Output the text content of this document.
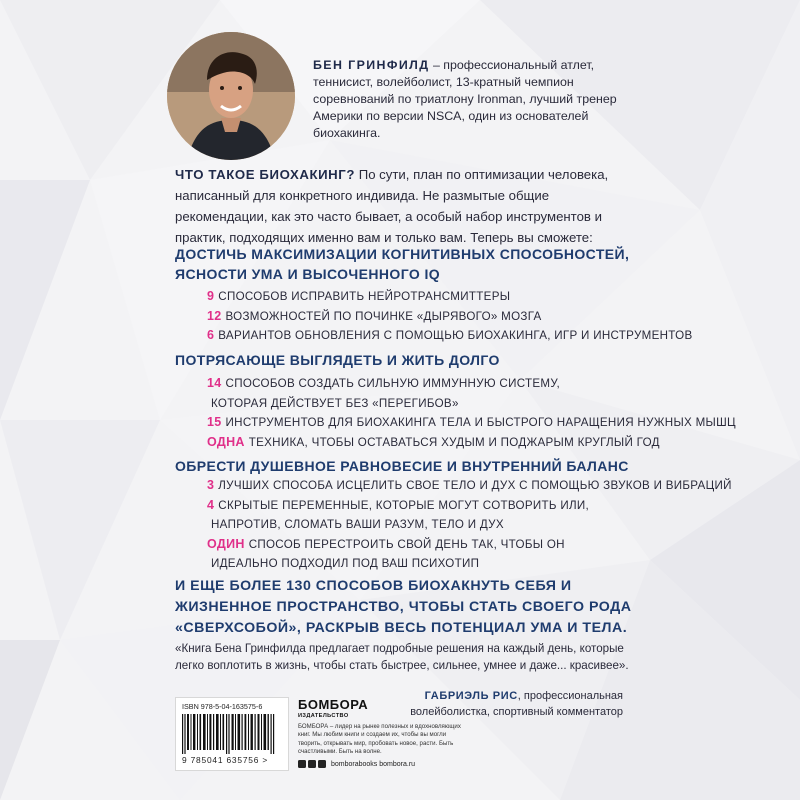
БЕН ГРИНФИЛД – профессиональный атлет, теннисист, волейболист, 13-кратный чемпион соревнований по триатлону Ironman, лучший тренер Америки по версии NSCA, один из основателей биохакинга.

ЧТО ТАКОЕ БИОХАКИНГ? По сути, план по оптимизации человека, написанный для конкретного индивида. Не размытые общие рекомендации, как это часто бывает, а особый набор инструментов и практик, подходящих именно вам и только вам. Теперь вы сможете:

ДОСТИЧЬ МАКСИМИЗАЦИИ КОГНИТИВНЫХ СПОСОБНОСТЕЙ, ЯСНОСТИ УМА И ВЫСОЧЕННОГО IQ
9 СПОСОБОВ ИСПРАВИТЬ НЕЙРОТРАНСМИТТЕРЫ
12 ВОЗМОЖНОСТЕЙ ПО ПОЧИНКЕ «ДЫРЯВОГО» МОЗГА
6 ВАРИАНТОВ ОБНОВЛЕНИЯ С ПОМОЩЬЮ БИОХАКИНГА, ИГР И ИНСТРУМЕНТОВ
ПОТРЯСАЮЩЕ ВЫГЛЯДЕТЬ И ЖИТЬ ДОЛГО
14 СПОСОБОВ СОЗДАТЬ СИЛЬНУЮ ИММУННУЮ СИСТЕМУ,
КОТОРАЯ ДЕЙСТВУЕТ БЕЗ «ПЕРЕГИБОВ»
15 ИНСТРУМЕНТОВ ДЛЯ БИОХАКИНГА ТЕЛА И БЫСТРОГО НАРАЩЕНИЯ НУЖНЫХ МЫШЦ
ОДНА ТЕХНИКА, ЧТОБЫ ОСТАВАТЬСЯ ХУДЫМ И ПОДЖАРЫМ КРУГЛЫЙ ГОД
ОБРЕСТИ ДУШЕВНОЕ РАВНОВЕСИЕ И ВНУТРЕННИЙ БАЛАНС
3 ЛУЧШИХ СПОСОБА ИСЦЕЛИТЬ СВОЕ ТЕЛО И ДУХ С ПОМОЩЬЮ ЗВУКОВ И ВИБРАЦИЙ
4 СКРЫТЫЕ ПЕРЕМЕННЫЕ, КОТОРЫЕ МОГУТ СОТВОРИТЬ ИЛИ,
НАПРОТИВ, СЛОМАТЬ ВАШИ РАЗУМ, ТЕЛО И ДУХ
ОДИН СПОСОБ ПЕРЕСТРОИТЬ СВОЙ ДЕНЬ ТАК, ЧТОБЫ ОН
ИДЕАЛЬНО ПОДХОДИЛ ПОД ВАШ ПСИХОТИП

И ЕЩЕ БОЛЕЕ 130 СПОСОБОВ БИОХАКНУТЬ СЕБЯ И ЖИЗНЕННОЕ ПРОСТРАНСТВО, ЧТОБЫ СТАТЬ СВОЕГО РОДА «СВЕРХСОБОЙ», РАСКРЫВ ВЕСЬ ПОТЕНЦИАЛ УМА И ТЕЛА.

«Книга Бена Гринфилда предлагает подробные решения на каждый день, которые легко воплотить в жизнь, чтобы стать быстрее, сильнее, умнее и даже... красивее».

ГАБРИЭЛЬ РИС, профессиональная волейболистка, спортивный комментатор

ISBN 978-5-04-163575-6
9 785041 635756 >

БОМБОРА

ИЗДАТЕЛЬСТВО

БОМБОРА – лидер на рынке полезных и вдохновляющих книг. Мы любим книги и создаем их, чтобы вы могли творить, открывать мир, пробовать новое, расти. Быть счастливыми. Быть на волне.

bomborabooks bombora.ru
